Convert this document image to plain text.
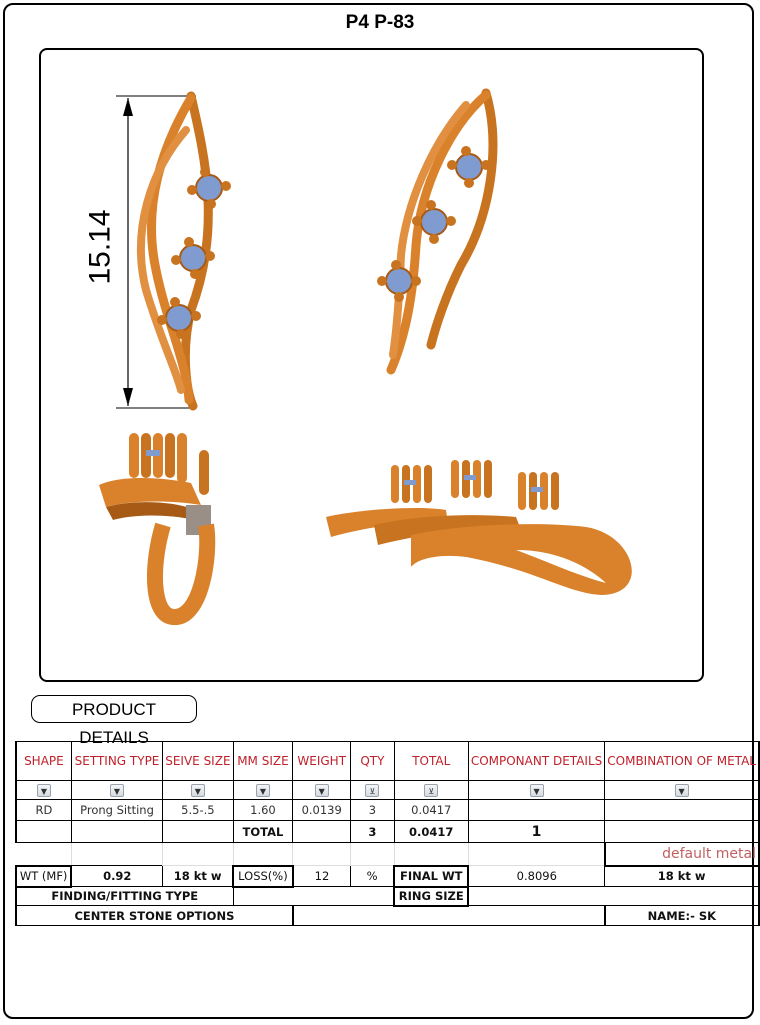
P4 P-83
15.14
PRODUCT DETAILS
SHAPE	SETTING TYPE	SEIVE SIZE	MM SIZE	WEIGHT	QTY	TOTAL	COMPONANT DETAILS	COMBINATION OF METAL
▼	▼	▼	▼	▼	⊻	⊻	▼	▼
RD	Prong Sitting	5.5-.5	1.60	0.0139	3	0.0417		
			TOTAL		3	0.0417	1	
								default metal
WT (MF)	0.92	18 kt w	LOSS(%)	12	%	FINAL WT	0.8096	18 kt w
FINDING/FITTING TYPE						RING SIZE		
CENTER STONE OPTIONS								NAME:- SK
